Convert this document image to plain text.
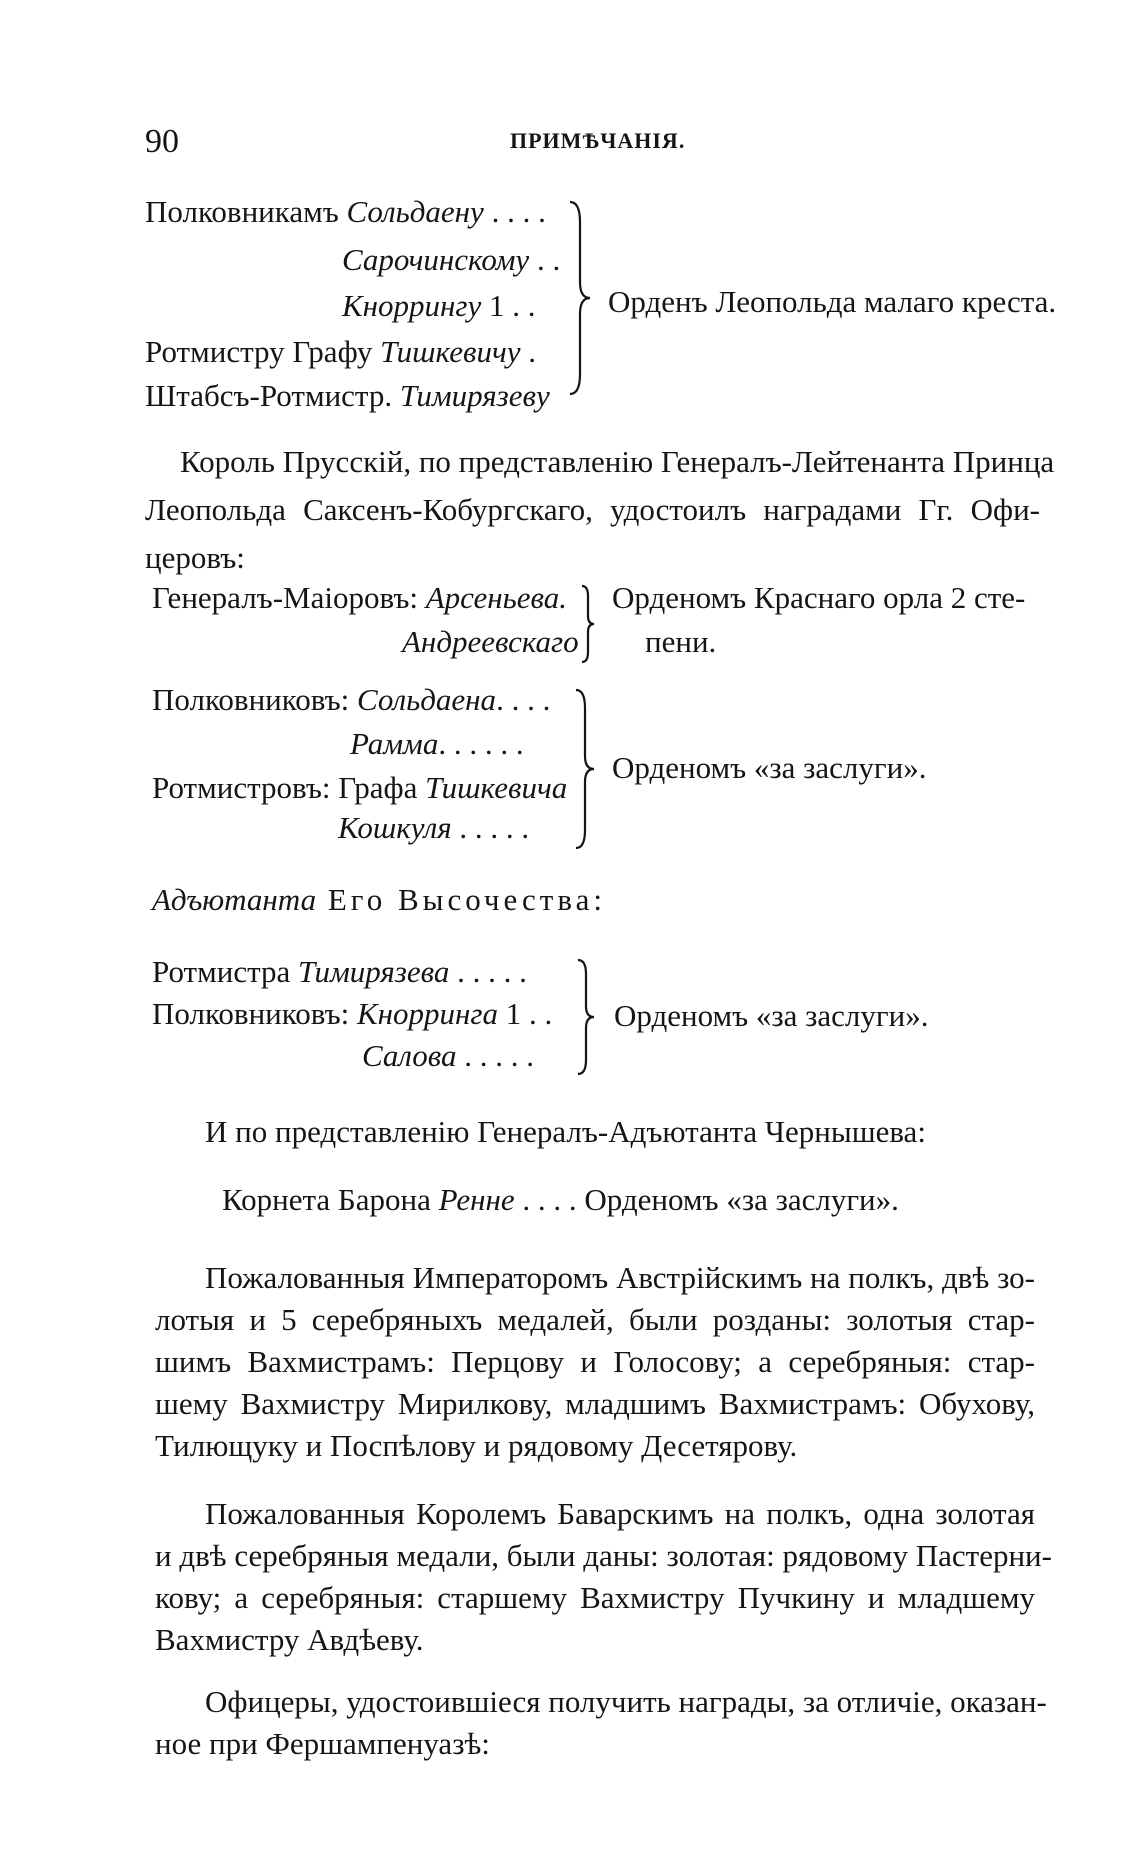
90	ПРИМѢЧАНІЯ.
Полковникамъ Сольдаену . . . .
Сарочинскому . .
Кноррингу 1 . .
Ротмистру Графу Тишкевичу .
Штабсъ-Ротмистр. Тимирязеву
Орденъ Леопольда малаго креста.
Король Прусскій, по представленію Генералъ-Лейтенанта Принца
Леопольда Саксенъ-Кобургскаго, удостоилъ наградами Гг. Офи-
церовъ:
Генералъ-Маіоровъ: Арсеньева.
Андреевскаго
Орденомъ Краснаго орла 2 сте-
пени.
Полковниковъ: Сольдаена. . . .
Рамма. . . . . .
Ротмистровъ: Графа Тишкевича
Кошкуля . . . . .
Орденомъ «за заслуги».
Адъютанта Его Высочества:
Ротмистра Тимирязева . . . . .
Полковниковъ: Кнорринга 1 . .
Салова . . . . .
Орденомъ «за заслуги».
И по представленію Генералъ-Адъютанта Чернышева:
Корнета Барона Ренне . . . . Орденомъ «за заслуги».
Пожалованныя Императоромъ Австрійскимъ на полкъ, двѣ зо-
лотыя и 5 серебряныхъ медалей, были розданы: золотыя стар-
шимъ Вахмистрамъ: Перцову и Голосову; а серебряныя: стар-
шему Вахмистру Мирилкову, младшимъ Вахмистрамъ: Обухову,
Тилющуку и Поспѣлову и рядовому Десетярову.
Пожалованныя Королемъ Баварскимъ на полкъ, одна золотая
и двѣ серебряныя медали, были даны: золотая: рядовому Пастерни-
кову; а серебряныя: старшему Вахмистру Пучкину и младшему
Вахмистру Авдѣеву.
Офицеры, удостоившіеся получить награды, за отличіе, оказан-
ное при Фершампенуазѣ:
